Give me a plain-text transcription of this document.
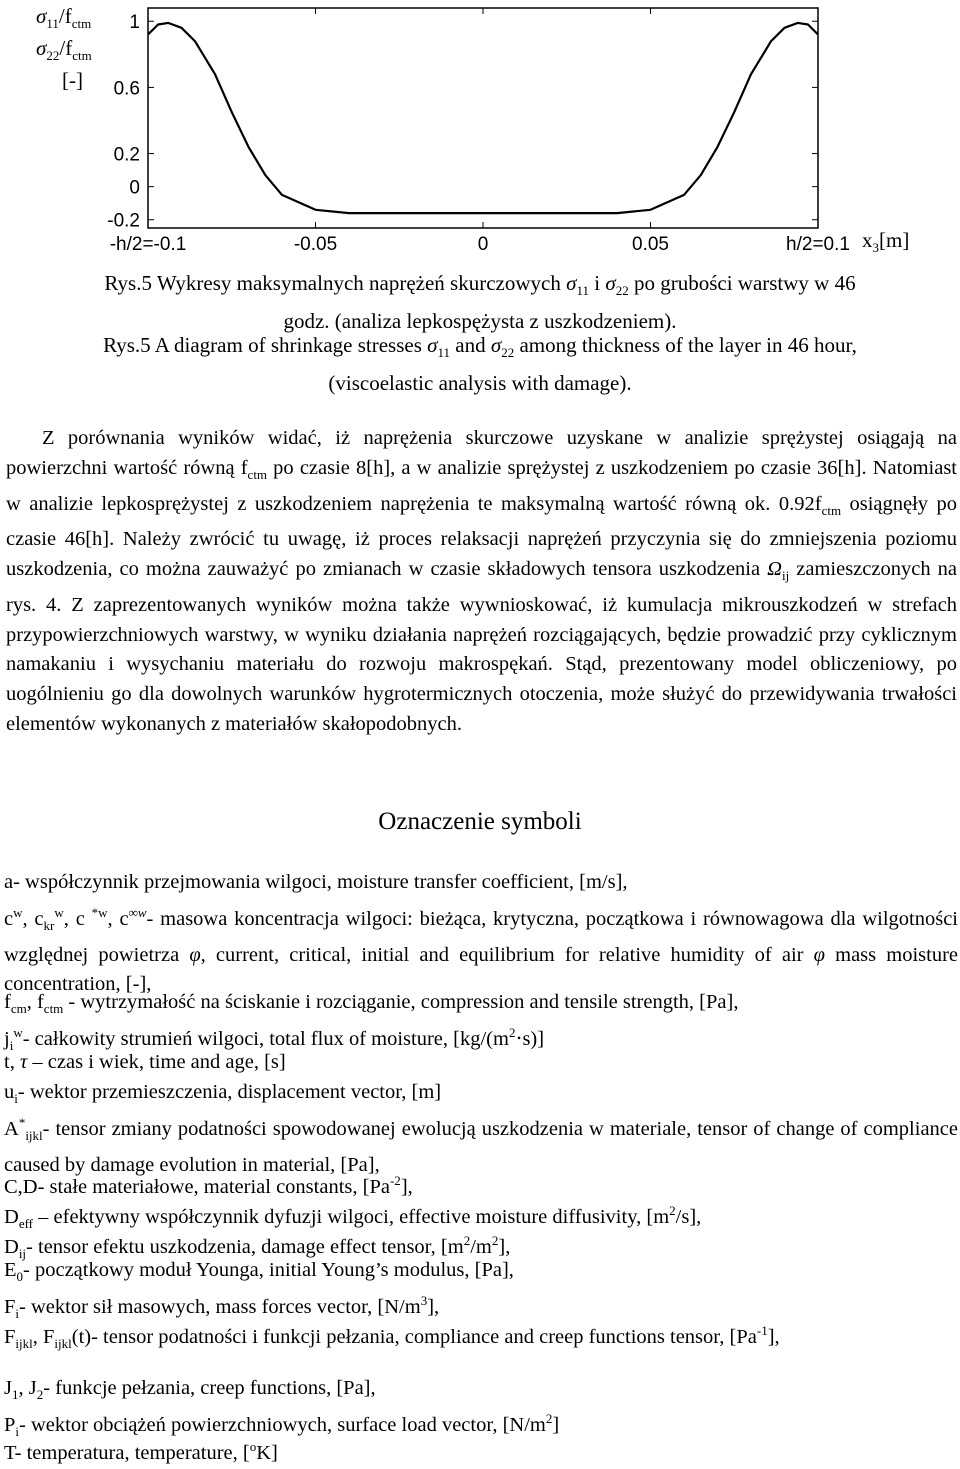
$\sigma_{11}/f_{ctm}$
$\sigma_{22}/f_{ctm}$
[-]
1
0.6
0.2
0
-0.2
-h/2=-0.1	-0.05	0	0.05	h/2=0.1 $x_3[m]$
Rys.5 Wykresy maksymalnych naprężeń skurczowych $\sigma_{11}$ i $\sigma_{22}$ po grubości warstwy w 46
godz. (analiza lepkospężysta z uszkodzeniem).
Rys.5 A diagram of shrinkage stresses $\sigma_{11}$ and $\sigma_{22}$ among thickness of the layer in 46 hour,
(viscoelastic analysis with damage).
Z porównania wyników widać, iż naprężenia skurczowe uzyskane w analizie sprężystej osiągają na powierzchni wartość równą $f_{ctm}$ po czasie 8[h], a w analizie sprężystej z uszkodzeniem po czasie 36[h]. Natomiast w analizie lepkosprężystej z uszkodzeniem naprężenia te maksymalną wartość równą ok. $0.92f_{ctm}$ osiągnęły po czasie 46[h]. Należy zwrócić tu uwagę, iż proces relaksacji naprężeń przyczynia się do zmniejszenia poziomu uszkodzenia, co można zauważyć po zmianach w czasie składowych tensora uszkodzenia $\Omega_{ij}$ zamieszczonych na rys. 4. Z zaprezentowanych wyników można także wywnioskować, iż kumulacja mikrouszkodzeń w strefach przypowierzchniowych warstwy, w wyniku działania naprężeń rozciągających, będzie prowadzić przy cyklicznym namakaniu i wysychaniu materiału do rozwoju makrospękań. Stąd, prezentowany model obliczeniowy, po uogólnieniu go dla dowolnych warunków hygrotermicznych otoczenia, może służyć do przewidywania trwałości elementów wykonanych z materiałów skałopodobnych.
Oznaczenie symboli
a- współczynnik przejmowania wilgoci, moisture transfer coefficient, [m/s],
$c^w$, $c_{kr}^w$, c $^{*w}$, $c^{\infty w}-$ masowa koncentracja wilgoci: bieżąca, krytyczna, początkowa i równowagowa dla wilgotności względnej powietrza φ, current, critical, initial and equilibrium for relative humidity of air φ mass moisture concentration, [-],
$f_{cm}$, $f_{ctm}$ - wytrzymałość na ściskanie i rozciąganie, compression and tensile strength, [Pa],
$j_i^w-$ całkowity strumień wilgoci, total flux of moisture, $[kg/(m^2\cdot s)]$
t, τ – czas i wiek, time and age, [s]
$u_i-$ wektor przemieszczenia, displacement vector, [m]
$A^*_{ijkl}-$ tensor zmiany podatności spowodowanej ewolucją uszkodzenia w materiale, tensor of change of compliance caused by damage evolution in material, [Pa],
C,D- stałe materiałowe, material constants, $[Pa^{-2}]$,
$D_{eff}$ – efektywny współczynnik dyfuzji wilgoci, effective moisture diffusivity, $[m^2/s]$,
$D_{ij}-$ tensor efektu uszkodzenia, damage effect tensor, $[m^2/m^2]$,
$E_0-$ początkowy moduł Younga, initial Young’s modulus, [Pa],
$F_i-$ wektor sił masowych, mass forces vector, $[N/m^3]$,
$F_{ijkl}$, $F_{ijkl}(t)-$ tensor podatności i funkcji pełzania, compliance and creep functions tensor, $[Pa^{-1}]$,
$J_1$, $J_2-$ funkcje pełzania, creep functions, [Pa],
$P_i-$ wektor obciążeń powierzchniowych, surface load vector, $[N/m^2]$
T- temperatura, temperature, [$^o$K]
